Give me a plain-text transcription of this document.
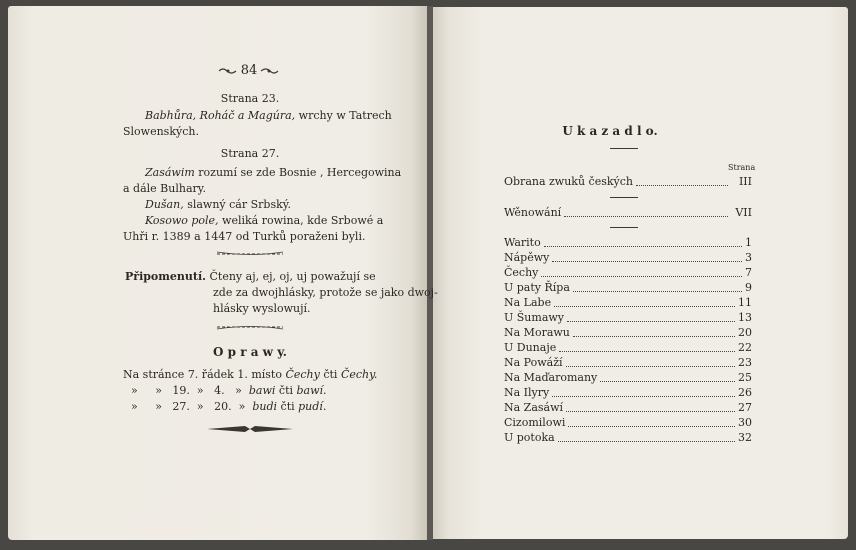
84
Strana 23.
Babhůra, Roháč a Magúra, wrchy w Tatrech
Slowenských.
Strana 27.
Zasáwim rozumí se zde Bosnie , Hercegowina
a dále Bulhary.
Dušan, slawný cár Srbský.
Kosowo pole, weliká rowina, kde Srbowé a
Uhři r. 1389 a 1447 od Turků poraženi byli.
Připomenutí. Čteny aj, ej, oj, uj powažují se
zde za dwojhlásky, protože se jako dwoj-
hlásky wyslowují.
O p r a w y.
Na stránce 7. řádek 1. místo Čechy čti Čechy.
»     »   19.  »   4.   »  bawi čti bawí.
»     »   27.  »   20.  »  budi čti pudí.
U k a z a d l o.
Strana
Obrana zwuků českých	III
Wěnowání	VII
Warito	1
Nápěwy	3
Čechy	7
U paty Řípa	9
Na Labe	11
U Šumawy	13
Na Morawu	20
U Dunaje	22
Na Powáží	23
Na Maďaromany	25
Na Ilyry	26
Na Zasáwí	27
Cizomilowi	30
U potoka	32
